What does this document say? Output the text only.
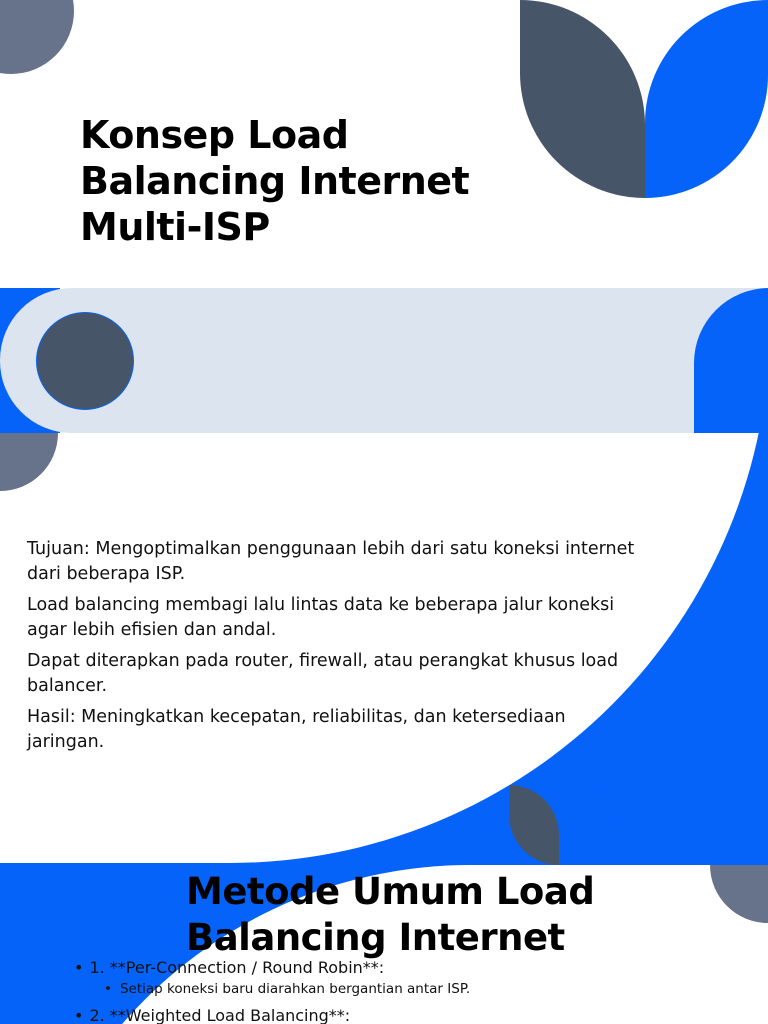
Konsep Load Balancing Internet Multi-ISP

Tujuan: Mengoptimalkan penggunaan lebih dari satu koneksi internet dari beberapa ISP.

Load balancing membagi lalu lintas data ke beberapa jalur koneksi agar lebih efisien dan andal.

Dapat diterapkan pada router, firewall, atau perangkat khusus load balancer.

Hasil: Meningkatkan kecepatan, reliabilitas, dan ketersediaan jaringan.

Metode Umum Load Balancing Internet
• 1. **Per-Connection / Round Robin**:
• Setiap koneksi baru diarahkan bergantian antar ISP.
• 2. **Weighted Load Balancing**:
